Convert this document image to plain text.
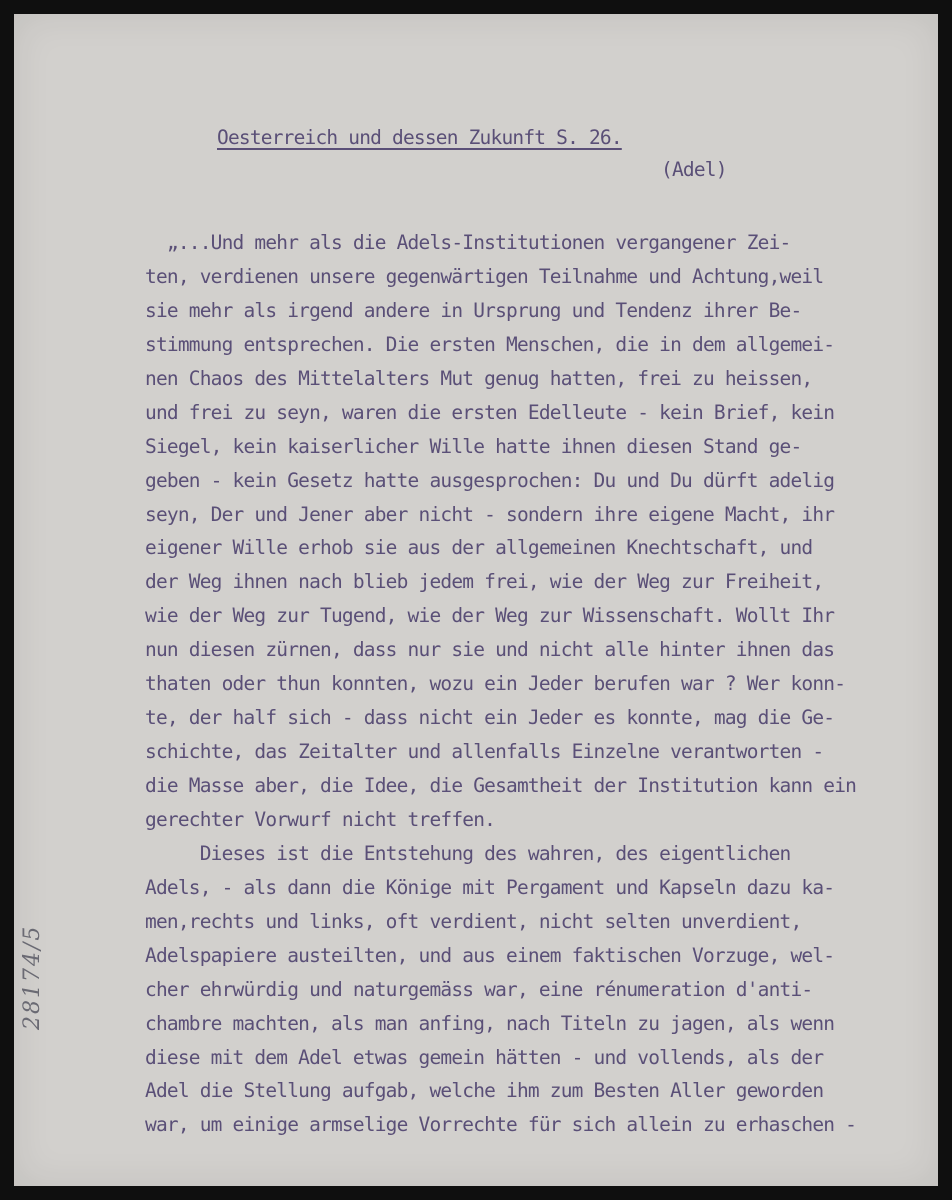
Oesterreich und dessen Zukunft S. 26.
(Adel)
„...Und mehr als die Adels-Institutionen vergangener Zei-
ten, verdienen unsere gegenwärtigen Teilnahme und Achtung,weil
sie mehr als irgend andere in Ursprung und Tendenz ihrer Be-
stimmung entsprechen. Die ersten Menschen, die in dem allgemei-
nen Chaos des Mittelalters Mut genug hatten, frei zu heissen,
und frei zu seyn, waren die ersten Edelleute - kein Brief, kein
Siegel, kein kaiserlicher Wille hatte ihnen diesen Stand ge-
geben - kein Gesetz hatte ausgesprochen: Du und Du dürft adelig
seyn, Der und Jener aber nicht - sondern ihre eigene Macht, ihr
eigener Wille erhob sie aus der allgemeinen Knechtschaft, und
der Weg ihnen nach blieb jedem frei, wie der Weg zur Freiheit,
wie der Weg zur Tugend, wie der Weg zur Wissenschaft. Wollt Ihr
nun diesen zürnen, dass nur sie und nicht alle hinter ihnen das
thaten oder thun konnten, wozu ein Jeder berufen war ? Wer konn-
te, der half sich - dass nicht ein Jeder es konnte, mag die Ge-
schichte, das Zeitalter und allenfalls Einzelne verantworten -
die Masse aber, die Idee, die Gesamtheit der Institution kann ein
gerechter Vorwurf nicht treffen.
Dieses ist die Entstehung des wahren, des eigentlichen
Adels, - als dann die Könige mit Pergament und Kapseln dazu ka-
men,rechts und links, oft verdient, nicht selten unverdient,
Adelspapiere austeilten, und aus einem faktischen Vorzuge, wel-
cher ehrwürdig und naturgemäss war, eine rénumeration d'anti-
chambre machten, als man anfing, nach Titeln zu jagen, als wenn
diese mit dem Adel etwas gemein hätten - und vollends, als der
Adel die Stellung aufgab, welche ihm zum Besten Aller geworden
war, um einige armselige Vorrechte für sich allein zu erhaschen -
28174/5
